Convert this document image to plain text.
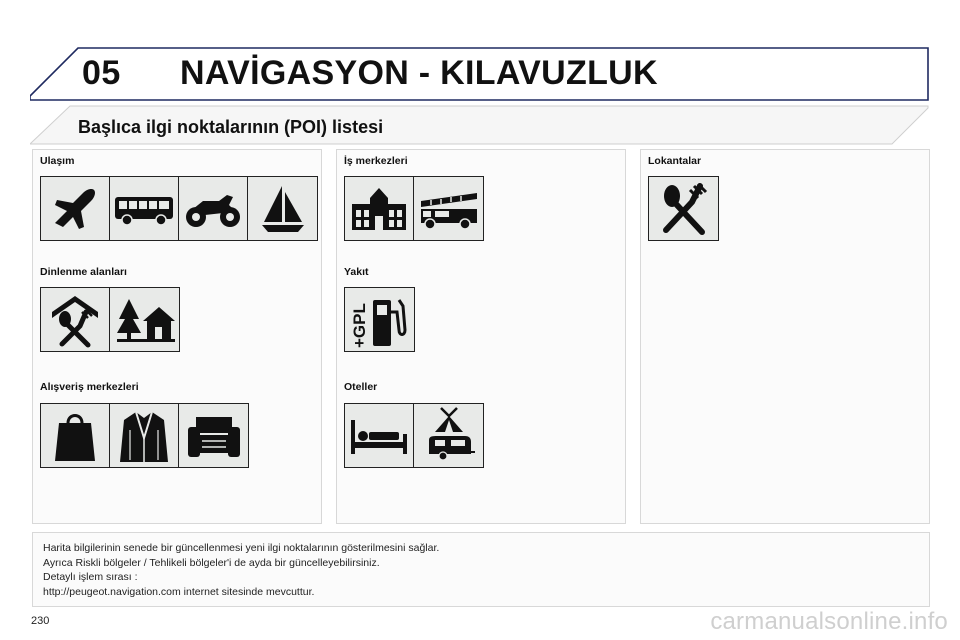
05 NAVİGASYON - KILAVUZLUK
Başlıca ilgi noktalarının (POI) listesi
Ulaşım
Dinlenme alanları
Alışveriş merkezleri
İş merkezleri
Yakıt
+GPL
Oteller
Lokantalar

Harita bilgilerinin senede bir güncellenmesi yeni ilgi noktalarının gösterilmesini sağlar.

Ayrıca Riskli bölgeler / Tehlikeli bölgeler'i de ayda bir güncelleyebilirsiniz.

Detaylı işlem sırası :

http://peugeot.navigation.com internet sitesinde mevcuttur.

230	carmanualsonline.info
